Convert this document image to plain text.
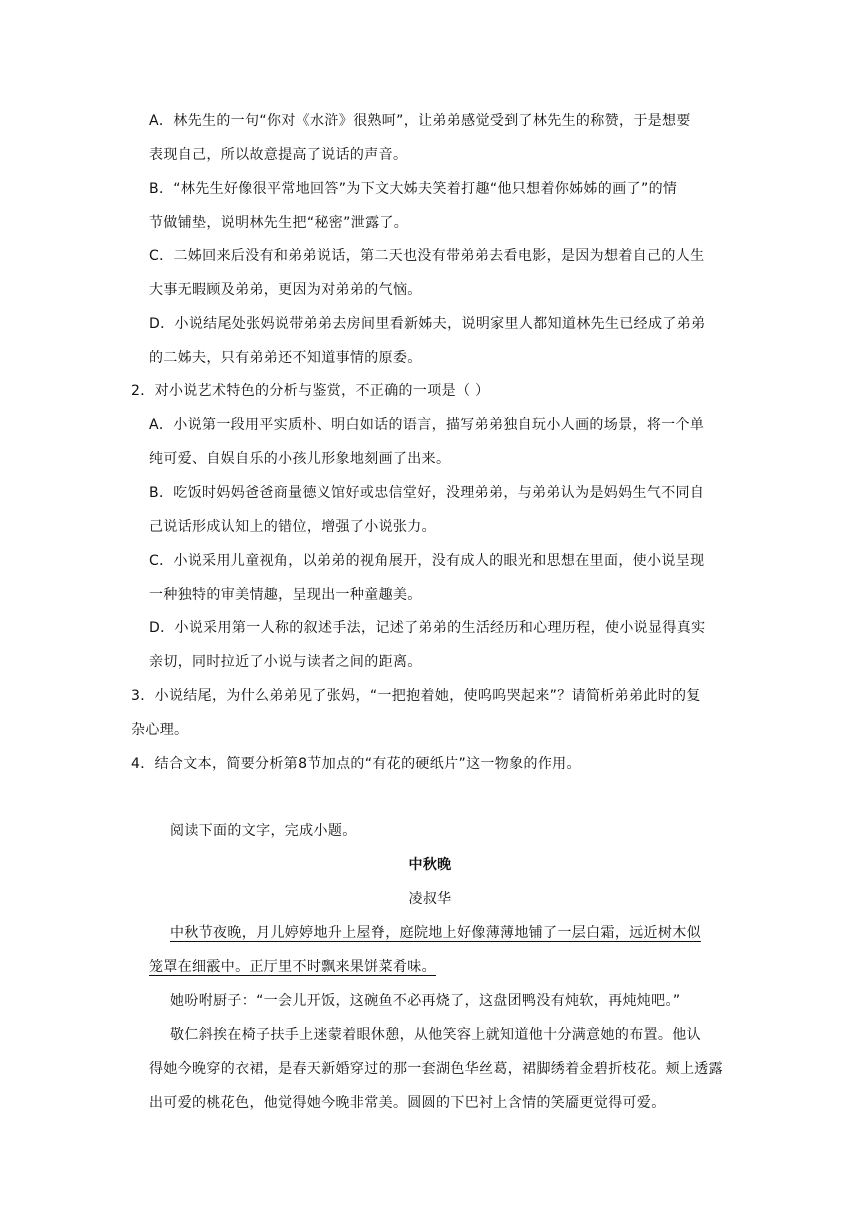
A．林先生的一句“你对《水浒》很熟呵”，让弟弟感觉受到了林先生的称赞，于是想要
表现自己，所以故意提高了说话的声音。
B．“林先生好像很平常地回答”为下文大姊夫笑着打趣“他只想着你姊姊的画了”的情
节做铺垫，说明林先生把“秘密”泄露了。
C．二姊回来后没有和弟弟说话，第二天也没有带弟弟去看电影，是因为想着自己的人生
大事无暇顾及弟弟，更因为对弟弟的气恼。
D．小说结尾处张妈说带弟弟去房间里看新姊夫，说明家里人都知道林先生已经成了弟弟
的二姊夫，只有弟弟还不知道事情的原委。
2．对小说艺术特色的分析与鉴赏，不正确的一项是（ ）
A．小说第一段用平实质朴、明白如话的语言，描写弟弟独自玩小人画的场景，将一个单
纯可爱、自娱自乐的小孩儿形象地刻画了出来。
B．吃饭时妈妈爸爸商量德义馆好或忠信堂好，没理弟弟，与弟弟认为是妈妈生气不同自
己说话形成认知上的错位，增强了小说张力。
C．小说采用儿童视角，以弟弟的视角展开，没有成人的眼光和思想在里面，使小说呈现
一种独特的审美情趣，呈现出一种童趣美。
D．小说采用第一人称的叙述手法，记述了弟弟的生活经历和心理历程，使小说显得真实
亲切，同时拉近了小说与读者之间的距离。
3．小说结尾，为什么弟弟见了张妈，“一把抱着她，使呜呜哭起来”？请简析弟弟此时的复
杂心理。
4．结合文本，简要分析第8节加点的“有花的硬纸片”这一物象的作用。
阅读下面的文字，完成小题。
中秋晚
凌叔华
中秋节夜晚，月儿婷婷地升上屋脊，庭院地上好像薄薄地铺了一层白霜，远近树木似
笼罩在细霰中。正厅里不时飘来果饼菜肴味。
她吩咐厨子：“一会儿开饭，这碗鱼不必再烧了，这盘团鸭没有炖软，再炖炖吧。”
敬仁斜挨在椅子扶手上迷蒙着眼休憩，从他笑容上就知道他十分满意她的布置。他认
得她今晚穿的衣裙，是春天新婚穿过的那一套湖色华丝葛，裙脚绣着金碧折枝花。颊上透露
出可爱的桃花色，他觉得她今晚非常美。圆圆的下巴衬上含情的笑靥更觉得可爱。
